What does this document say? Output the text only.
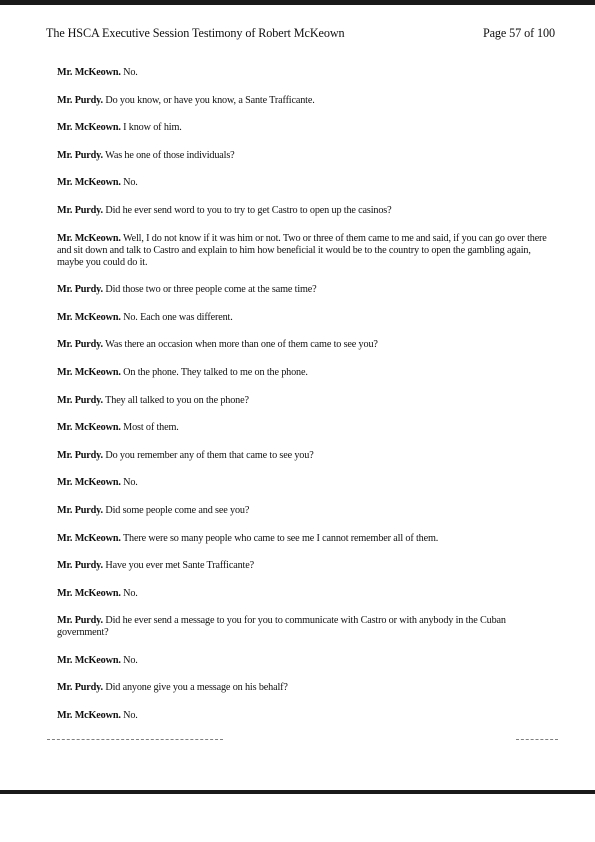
The HSCA Executive Session Testimony of Robert McKeown	Page 57 of 100

Mr. McKeown. No.

Mr. Purdy. Do you know, or have you know, a Sante Trafficante.

Mr. McKeown. I know of him.

Mr. Purdy. Was he one of those individuals?

Mr. McKeown. No.

Mr. Purdy. Did he ever send word to you to try to get Castro to open up the casinos?

Mr. McKeown. Well, I do not know if it was him or not. Two or three of them came to me and said, if you can go over there and sit down and talk to Castro and explain to him how beneficial it would be to the country to open the gambling again, maybe you could do it.

Mr. Purdy. Did those two or three people come at the same time?

Mr. McKeown. No. Each one was different.

Mr. Purdy. Was there an occasion when more than one of them came to see you?

Mr. McKeown. On the phone. They talked to me on the phone.

Mr. Purdy. They all talked to you on the phone?

Mr. McKeown. Most of them.

Mr. Purdy. Do you remember any of them that came to see you?

Mr. McKeown. No.

Mr. Purdy. Did some people come and see you?

Mr. McKeown. There were so many people who came to see me I cannot remember all of them.

Mr. Purdy. Have you ever met Sante Trafficante?

Mr. McKeown. No.

Mr. Purdy. Did he ever send a message to you for you to communicate with Castro or with anybody in the Cuban government?

Mr. McKeown. No.

Mr. Purdy. Did anyone give you a message on his behalf?

Mr. McKeown. No.
